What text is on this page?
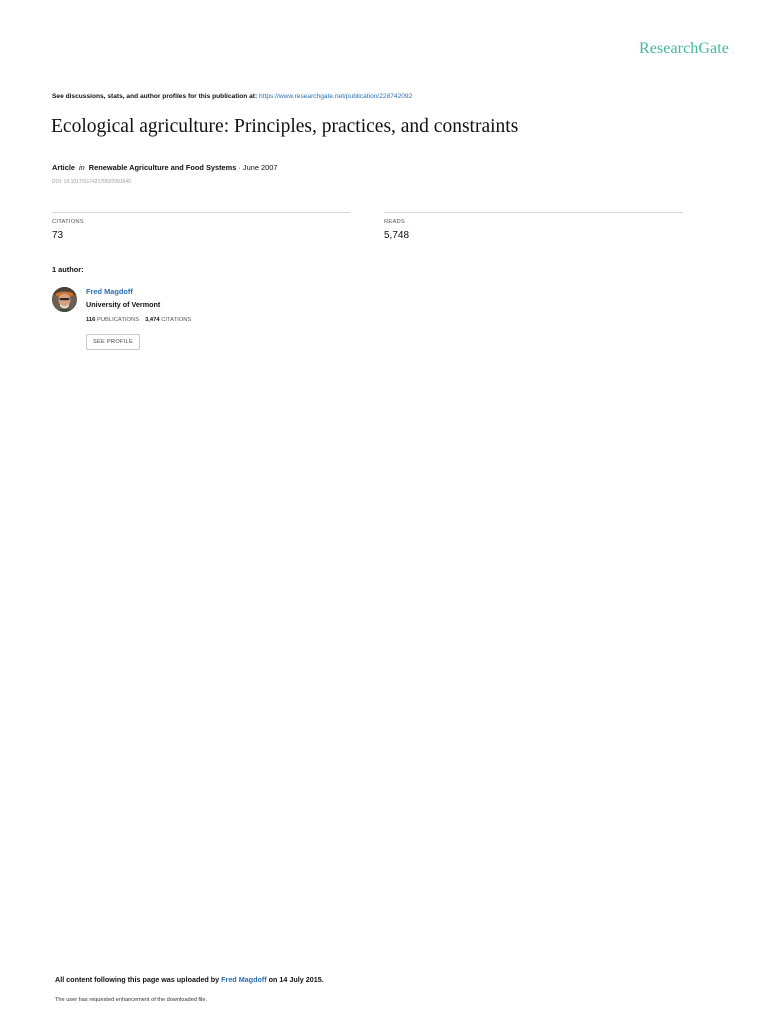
ResearchGate
See discussions, stats, and author profiles for this publication at: https://www.researchgate.net/publication/228742092
Ecological agriculture: Principles, practices, and constraints
Article in Renewable Agriculture and Food Systems · June 2007
DOI: 10.1017/S1742170507001640
CITATIONS
73
READS
5,748
1 author:
Fred Magdoff
University of Vermont
116 PUBLICATIONS 3,474 CITATIONS
SEE PROFILE
All content following this page was uploaded by Fred Magdoff on 14 July 2015.
The user has requested enhancement of the downloaded file.
